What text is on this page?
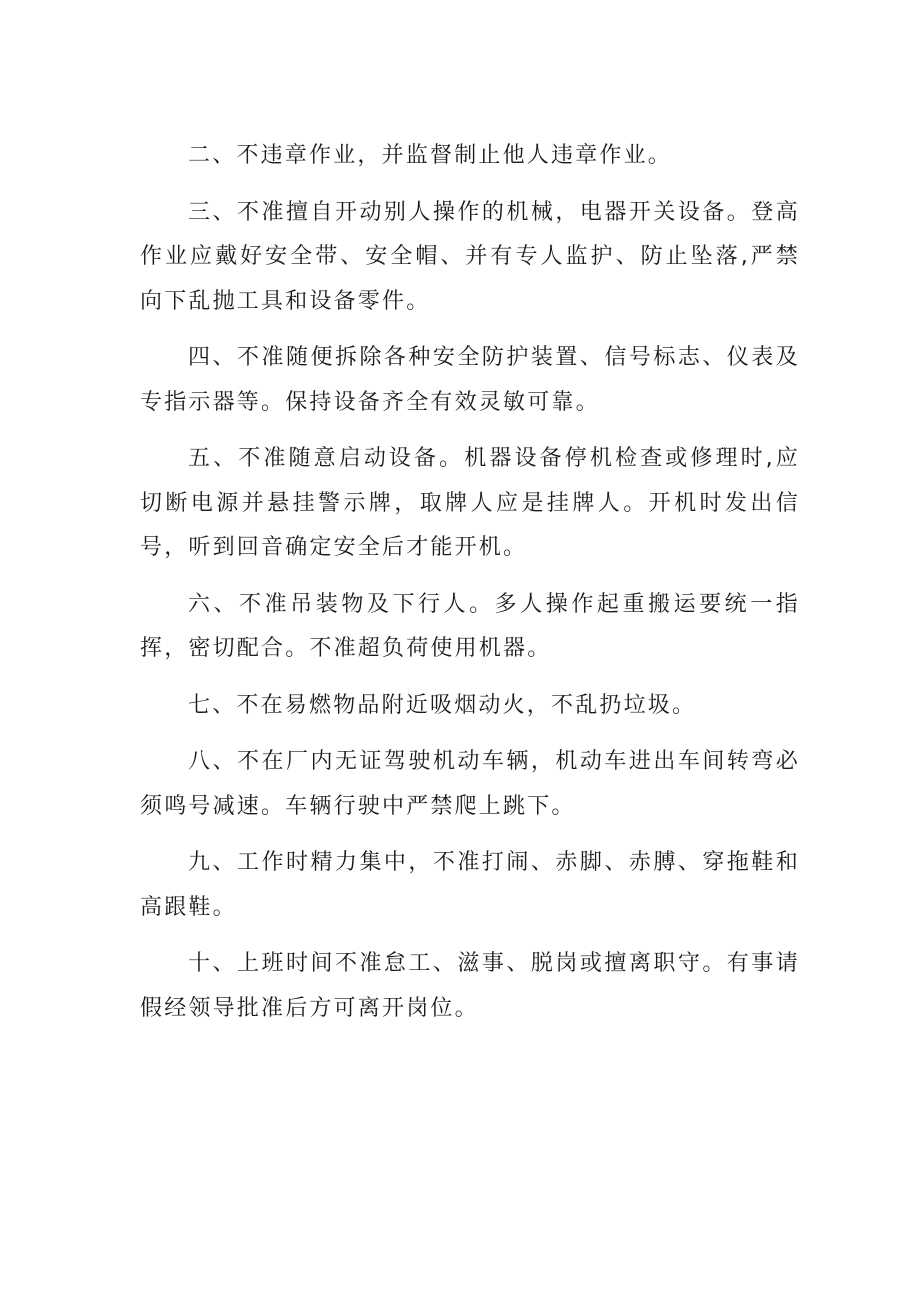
二、不违章作业，并监督制止他人违章作业。

三、不准擅自开动别人操作的机械，电器开关设备。登高作业应戴好安全带、安全帽、并有专人监护、防止坠落,严禁向下乱抛工具和设备零件。

四、不准随便拆除各种安全防护装置、信号标志、仪表及专指示器等。保持设备齐全有效灵敏可靠。

五、不准随意启动设备。机器设备停机检查或修理时,应切断电源并悬挂警示牌，取牌人应是挂牌人。开机时发出信号，听到回音确定安全后才能开机。

六、不准吊装物及下行人。多人操作起重搬运要统一指挥，密切配合。不准超负荷使用机器。

七、不在易燃物品附近吸烟动火，不乱扔垃圾。

八、不在厂内无证驾驶机动车辆，机动车进出车间转弯必须鸣号减速。车辆行驶中严禁爬上跳下。

九、工作时精力集中，不准打闹、赤脚、赤膊、穿拖鞋和高跟鞋。

十、上班时间不准怠工、滋事、脱岗或擅离职守。有事请假经领导批准后方可离开岗位。
